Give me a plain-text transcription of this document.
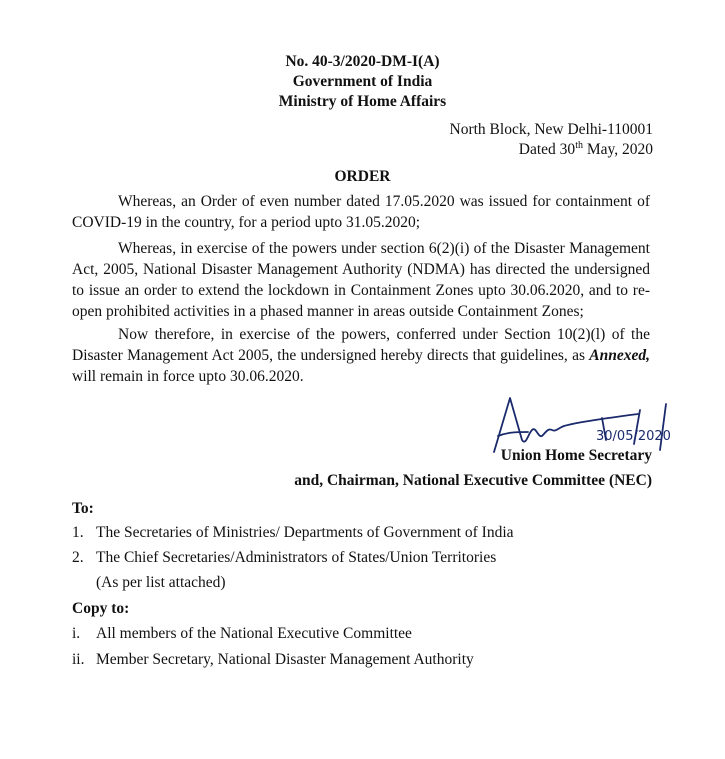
No. 40-3/2020-DM-I(A)
Government of India
Ministry of Home Affairs
North Block, New Delhi-110001
Dated 30th May, 2020
ORDER
Whereas, an Order of even number dated 17.05.2020 was issued for containment of COVID-19 in the country, for a period upto 31.05.2020;
Whereas, in exercise of the powers under section 6(2)(i) of the Disaster Management Act, 2005, National Disaster Management Authority (NDMA) has directed the undersigned to issue an order to extend the lockdown in Containment Zones upto 30.06.2020, and to re-open prohibited activities in a phased manner in areas outside Containment Zones;
Now therefore, in exercise of the powers, conferred under Section 10(2)(l) of the Disaster Management Act 2005, the undersigned hereby directs that guidelines, as Annexed, will remain in force upto 30.06.2020.
30/05/2020
Union Home Secretary
and, Chairman, National Executive Committee (NEC)
To:
1. The Secretaries of Ministries/ Departments of Government of India
2. The Chief Secretaries/Administrators of States/Union Territories
(As per list attached)
Copy to:
i. All members of the National Executive Committee
ii. Member Secretary, National Disaster Management Authority
